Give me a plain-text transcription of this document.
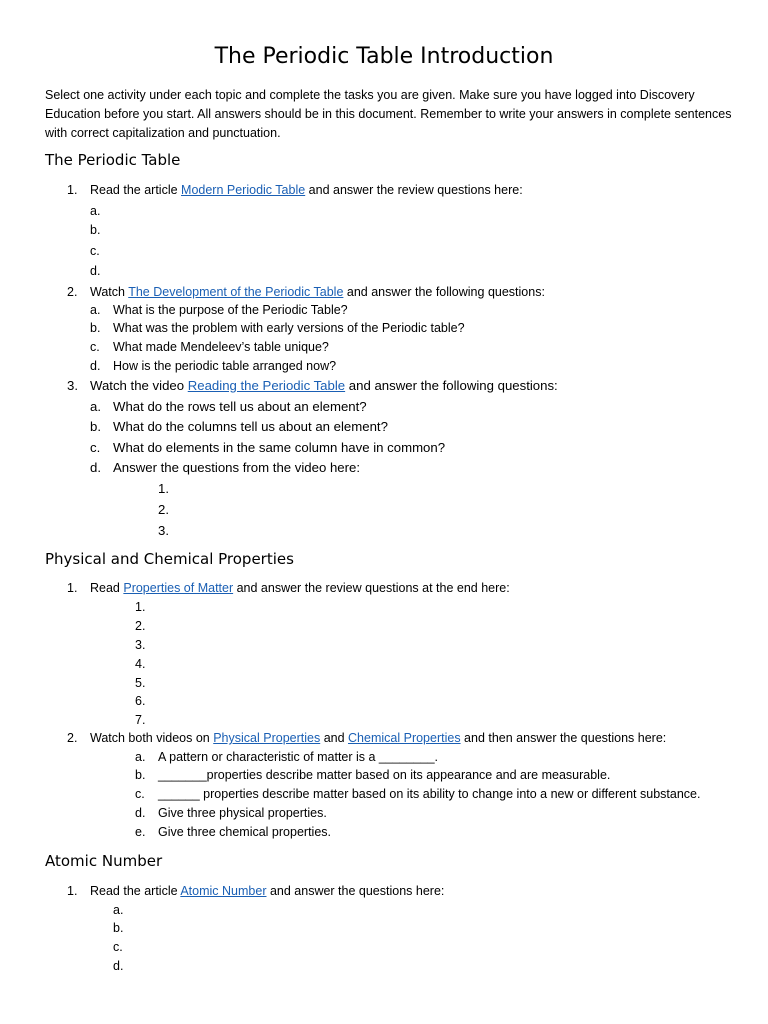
The Periodic Table Introduction
Select one activity under each topic and complete the tasks you are given. Make sure you have logged into Discovery Education before you start. All answers should be in this document. Remember to write your answers in complete sentences with correct capitalization and punctuation.
The Periodic Table
1. Read the article Modern Periodic Table and answer the review questions here:
a.
b.
c.
d.
2. Watch The Development of the Periodic Table and answer the following questions:
a. What is the purpose of the Periodic Table?
b. What was the problem with early versions of the Periodic table?
c. What made Mendeleev’s table unique?
d. How is the periodic table arranged now?
3. Watch the video Reading the Periodic Table and answer the following questions:
a. What do the rows tell us about an element?
b. What do the columns tell us about an element?
c. What do elements in the same column have in common?
d. Answer the questions from the video here:
1.
2.
3.
Physical and Chemical Properties
1. Read Properties of Matter and answer the review questions at the end here:
1.
2.
3.
4.
5.
6.
7.
2. Watch both videos on Physical Properties and Chemical Properties and then answer the questions here:
a. A pattern or characteristic of matter is a ________.
b. _______properties describe matter based on its appearance and are measurable.
c. ______ properties describe matter based on its ability to change into a new or different substance.
d. Give three physical properties.
e. Give three chemical properties.
Atomic Number
1. Read the article Atomic Number and answer the questions here:
a.
b.
c.
d.
